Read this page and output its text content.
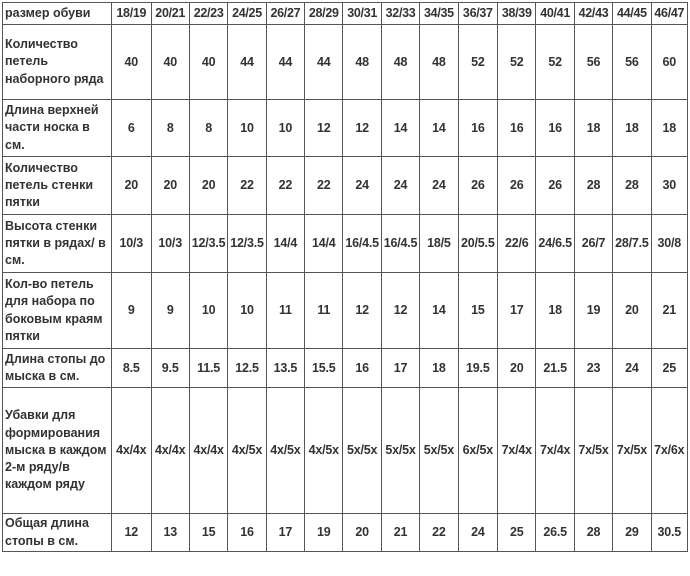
размер обуви	18/19	20/21	22/23	24/25	26/27	28/29	30/31	32/33	34/35	36/37	38/39	40/41	42/43	44/45	46/47
Количество петель наборного ряда	40	40	40	44	44	44	48	48	48	52	52	52	56	56	60
Длина верхней части носка в см.	6	8	8	10	10	12	12	14	14	16	16	16	18	18	18
Количество петель стенки пятки	20	20	20	22	22	22	24	24	24	26	26	26	28	28	30
Высота стенки пятки в рядах/ в см.	10/3	10/3	12/3.5	12/3.5	14/4	14/4	16/4.5	16/4.5	18/5	20/5.5	22/6	24/6.5	26/7	28/7.5	30/8
Кол-во петель для набора по боковым краям пятки	9	9	10	10	11	11	12	12	14	15	17	18	19	20	21
Длина стопы до мыска в см.	8.5	9.5	11.5	12.5	13.5	15.5	16	17	18	19.5	20	21.5	23	24	25
Убавки для формирования мыска в каждом 2-м ряду/в каждом ряду	4x/4x	4x/4x	4x/4x	4x/5x	4x/5x	4x/5x	5x/5x	5x/5x	5x/5x	6x/5x	7x/4x	7x/4x	7x/5x	7x/5x	7x/6x
Общая длина стопы в см.	12	13	15	16	17	19	20	21	22	24	25	26.5	28	29	30.5
